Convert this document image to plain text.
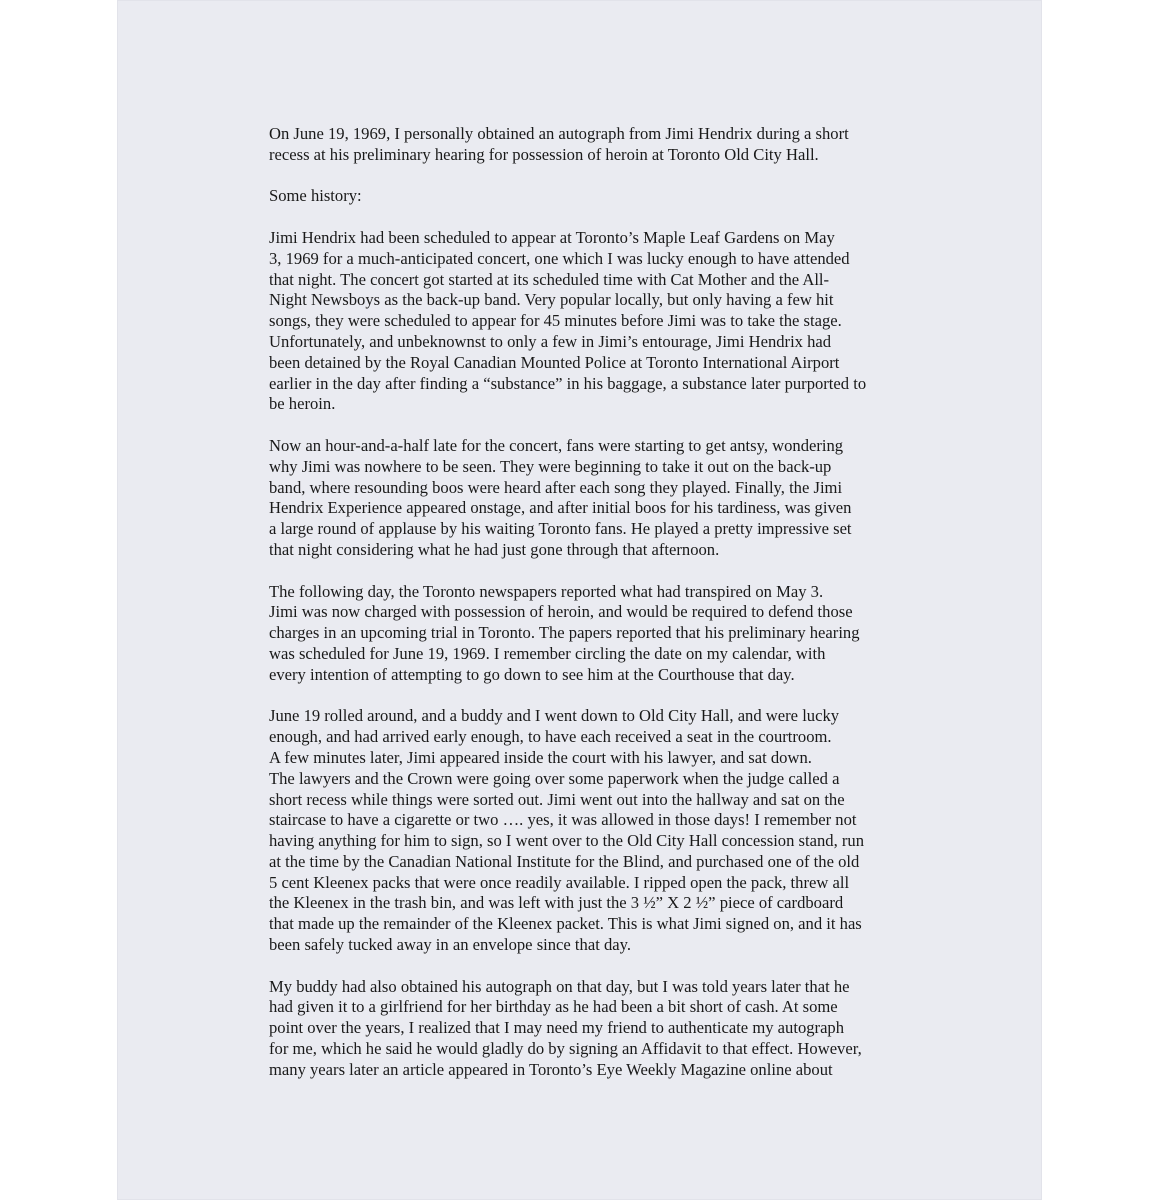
On June 19, 1969, I personally obtained an autograph from Jimi Hendrix during a short
recess at his preliminary hearing for possession of heroin at Toronto Old City Hall.

Some history:

Jimi Hendrix had been scheduled to appear at Toronto’s Maple Leaf Gardens on May
3, 1969 for a much-anticipated concert, one which I was lucky enough to have attended
that night. The concert got started at its scheduled time with Cat Mother and the All-
Night Newsboys as the back-up band. Very popular locally, but only having a few hit
songs, they were scheduled to appear for 45 minutes before Jimi was to take the stage.
Unfortunately, and unbeknownst to only a few in Jimi’s entourage, Jimi Hendrix had
been detained by the Royal Canadian Mounted Police at Toronto International Airport
earlier in the day after finding a “substance” in his baggage, a substance later purported to
be heroin.

Now an hour-and-a-half late for the concert, fans were starting to get antsy, wondering
why Jimi was nowhere to be seen. They were beginning to take it out on the back-up
band, where resounding boos were heard after each song they played. Finally, the Jimi
Hendrix Experience appeared onstage, and after initial boos for his tardiness, was given
a large round of applause by his waiting Toronto fans. He played a pretty impressive set
that night considering what he had just gone through that afternoon.

The following day, the Toronto newspapers reported what had transpired on May 3.
Jimi was now charged with possession of heroin, and would be required to defend those
charges in an upcoming trial in Toronto. The papers reported that his preliminary hearing
was scheduled for June 19, 1969. I remember circling the date on my calendar, with
every intention of attempting to go down to see him at the Courthouse that day.

June 19 rolled around, and a buddy and I went down to Old City Hall, and were lucky
enough, and had arrived early enough, to have each received a seat in the courtroom.
A few minutes later, Jimi appeared inside the court with his lawyer, and sat down.
The lawyers and the Crown were going over some paperwork when the judge called a
short recess while things were sorted out. Jimi went out into the hallway and sat on the
staircase to have a cigarette or two …. yes, it was allowed in those days! I remember not
having anything for him to sign, so I went over to the Old City Hall concession stand, run
at the time by the Canadian National Institute for the Blind, and purchased one of the old
5 cent Kleenex packs that were once readily available. I ripped open the pack, threw all
the Kleenex in the trash bin, and was left with just the 3 ½” X 2 ½” piece of cardboard
that made up the remainder of the Kleenex packet. This is what Jimi signed on, and it has
been safely tucked away in an envelope since that day.

My buddy had also obtained his autograph on that day, but I was told years later that he
had given it to a girlfriend for her birthday as he had been a bit short of cash. At some
point over the years, I realized that I may need my friend to authenticate my autograph
for me, which he said he would gladly do by signing an Affidavit to that effect. However,
many years later an article appeared in Toronto’s Eye Weekly Magazine online about
